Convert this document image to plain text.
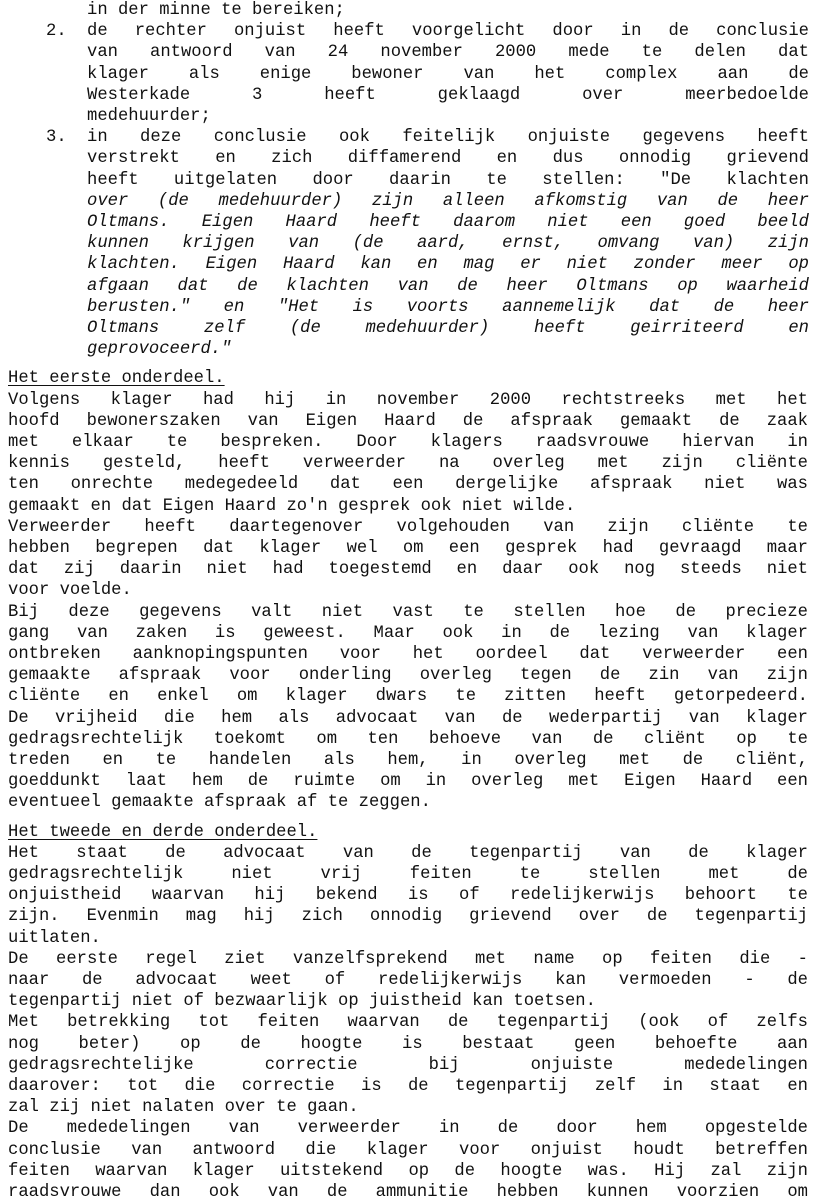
in der minne te bereiken;
2. de rechter onjuist heeft voorgelicht door in de conclusie
van antwoord van 24 november 2000 mede te delen dat
klager als enige bewoner van het complex aan de
Westerkade 3 heeft geklaagd over meerbedoelde
medehuurder;
3. in deze conclusie ook feitelijk onjuiste gegevens heeft
verstrekt en zich diffamerend en dus onnodig grievend
heeft uitgelaten door daarin te stellen: "De klachten
over (de medehuurder) zijn alleen afkomstig van de heer
Oltmans. Eigen Haard heeft daarom niet een goed beeld
kunnen krijgen van (de aard, ernst, omvang van) zijn
klachten. Eigen Haard kan en mag er niet zonder meer op
afgaan dat de klachten van de heer Oltmans op waarheid
berusten." en "Het is voorts aannemelijk dat de heer
Oltmans zelf (de medehuurder) heeft geirriteerd en
geprovoceerd."
Het eerste onderdeel.
Volgens klager had hij in november 2000 rechtstreeks met het
hoofd bewonerszaken van Eigen Haard de afspraak gemaakt de zaak
met elkaar te bespreken. Door klagers raadsvrouwe hiervan in
kennis gesteld, heeft verweerder na overleg met zijn cliënte
ten onrechte medegedeeld dat een dergelijke afspraak niet was
gemaakt en dat Eigen Haard zo'n gesprek ook niet wilde.
Verweerder heeft daartegenover volgehouden van zijn cliënte te
hebben begrepen dat klager wel om een gesprek had gevraagd maar
dat zij daarin niet had toegestemd en daar ook nog steeds niet
voor voelde.
Bij deze gegevens valt niet vast te stellen hoe de precieze
gang van zaken is geweest. Maar ook in de lezing van klager
ontbreken aanknopingspunten voor het oordeel dat verweerder een
gemaakte afspraak voor onderling overleg tegen de zin van zijn
cliënte en enkel om klager dwars te zitten heeft getorpedeerd.
De vrijheid die hem als advocaat van de wederpartij van klager
gedragsrechtelijk toekomt om ten behoeve van de cliënt op te
treden en te handelen als hem, in overleg met de cliënt,
goeddunkt laat hem de ruimte om in overleg met Eigen Haard een
eventueel gemaakte afspraak af te zeggen.
Het tweede en derde onderdeel.
Het staat de advocaat van de tegenpartij van de klager
gedragsrechtelijk niet vrij feiten te stellen met de
onjuistheid waarvan hij bekend is of redelijkerwijs behoort te
zijn. Evenmin mag hij zich onnodig grievend over de tegenpartij
uitlaten.
De eerste regel ziet vanzelfsprekend met name op feiten die -
naar de advocaat weet of redelijkerwijs kan vermoeden - de
tegenpartij niet of bezwaarlijk op juistheid kan toetsen.
Met betrekking tot feiten waarvan de tegenpartij (ook of zelfs
nog beter) op de hoogte is bestaat geen behoefte aan
gedragsrechtelijke correctie bij onjuiste mededelingen
daarover: tot die correctie is de tegenpartij zelf in staat en
zal zij niet nalaten over te gaan.
De mededelingen van verweerder in de door hem opgestelde
conclusie van antwoord die klager voor onjuist houdt betreffen
feiten waarvan klager uitstekend op de hoogte was. Hij zal zijn
raadsvrouwe dan ook van de ammunitie hebben kunnen voorzien om
